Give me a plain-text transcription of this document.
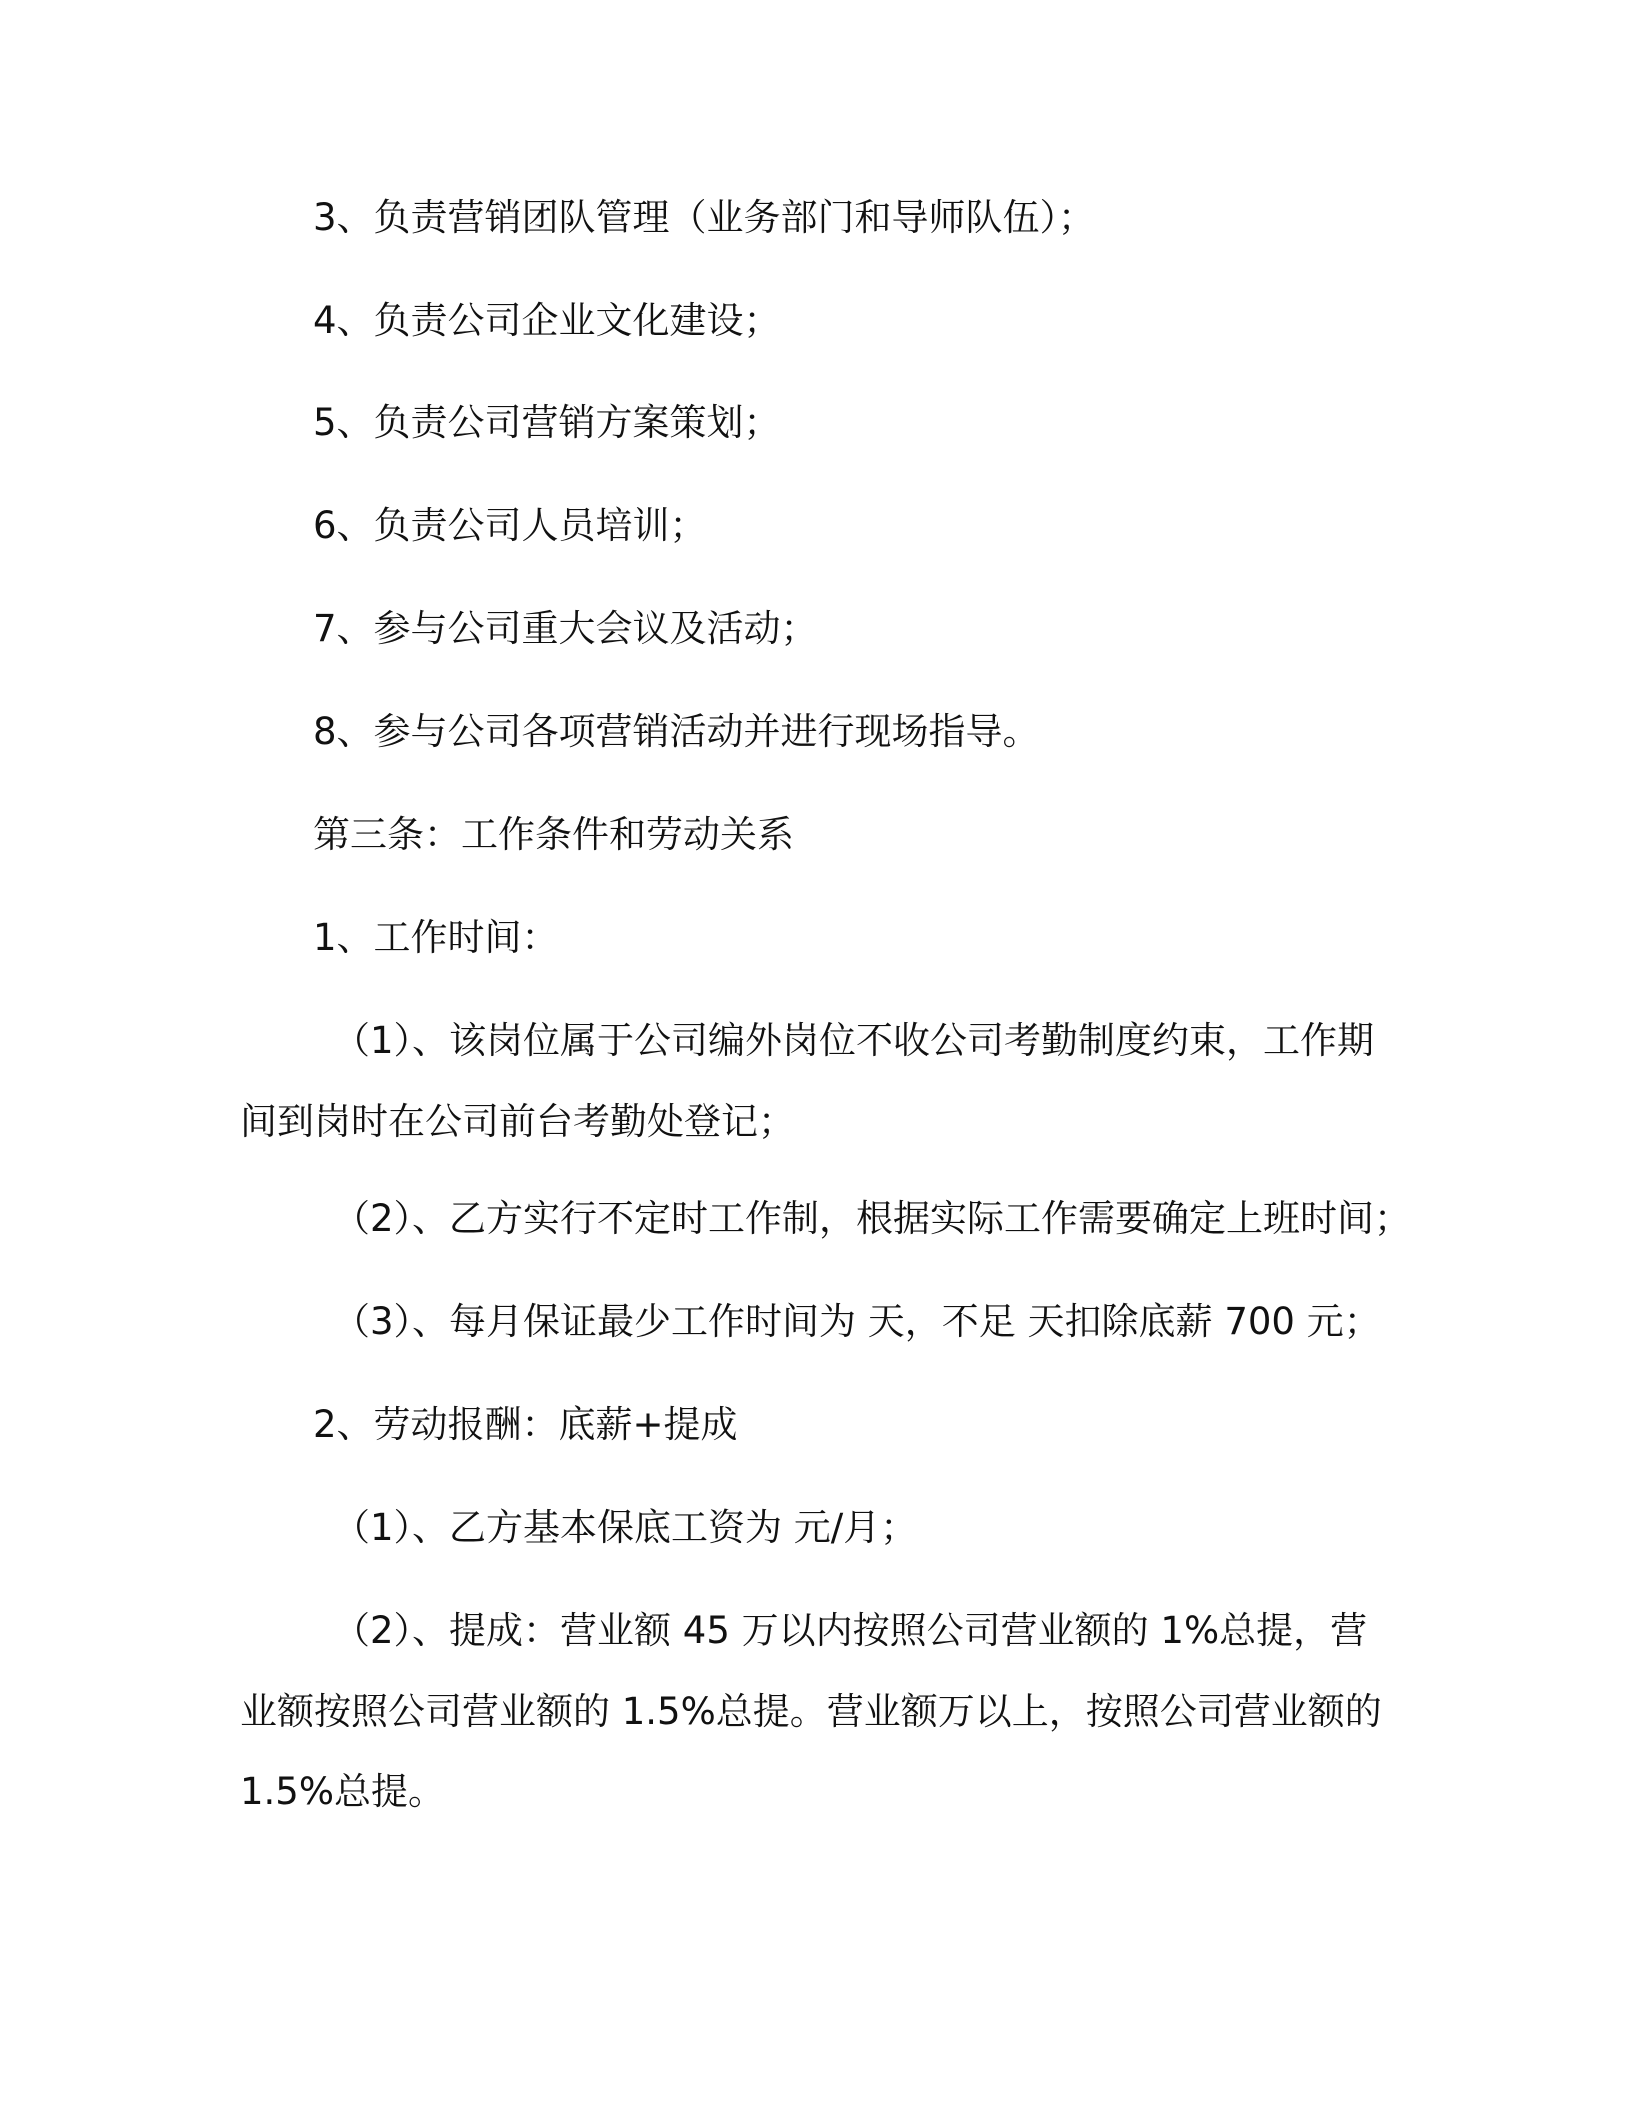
3、负责营销团队管理（业务部门和导师队伍）；
4、负责公司企业文化建设；
5、负责公司营销方案策划；
6、负责公司人员培训；
7、参与公司重大会议及活动；
8、参与公司各项营销活动并进行现场指导。
第三条：工作条件和劳动关系
1、工作时间：
（1）、该岗位属于公司编外岗位不收公司考勤制度约束，工作期
间到岗时在公司前台考勤处登记；
（2）、乙方实行不定时工作制，根据实际工作需要确定上班时间；
（3）、每月保证最少工作时间为 天，不足 天扣除底薪 700 元；
2、劳动报酬：底薪+提成
（1）、乙方基本保底工资为 元/月；
（2）、提成：营业额 45 万以内按照公司营业额的 1%总提，营
业额按照公司营业额的 1.5%总提。营业额万以上，按照公司营业额的
1.5%总提。
